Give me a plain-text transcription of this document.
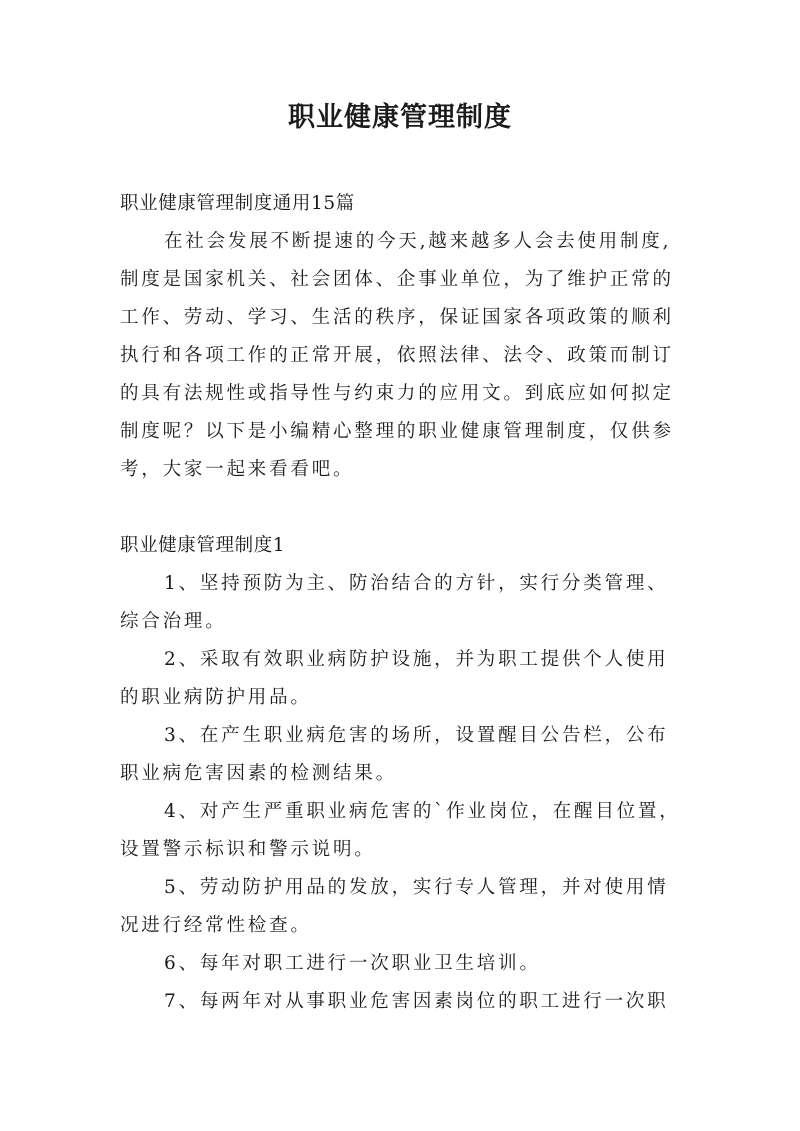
职业健康管理制度
职业健康管理制度通用15篇
在社会发展不断提速的今天,越来越多人会去使用制度,
制度是国家机关、社会团体、企事业单位，为了维护正常的
工作、劳动、学习、生活的秩序，保证国家各项政策的顺利
执行和各项工作的正常开展，依照法律、法令、政策而制订
的具有法规性或指导性与约束力的应用文。到底应如何拟定
制度呢？以下是小编精心整理的职业健康管理制度，仅供参
考，大家一起来看看吧。
职业健康管理制度1
1、坚持预防为主、防治结合的方针，实行分类管理、
综合治理。
2、采取有效职业病防护设施，并为职工提供个人使用
的职业病防护用品。
3、在产生职业病危害的场所，设置醒目公告栏，公布
职业病危害因素的检测结果。
4、对产生严重职业病危害的`作业岗位，在醒目位置，
设置警示标识和警示说明。
5、劳动防护用品的发放，实行专人管理，并对使用情
况进行经常性检查。
6、每年对职工进行一次职业卫生培训。
7、每两年对从事职业危害因素岗位的职工进行一次职
